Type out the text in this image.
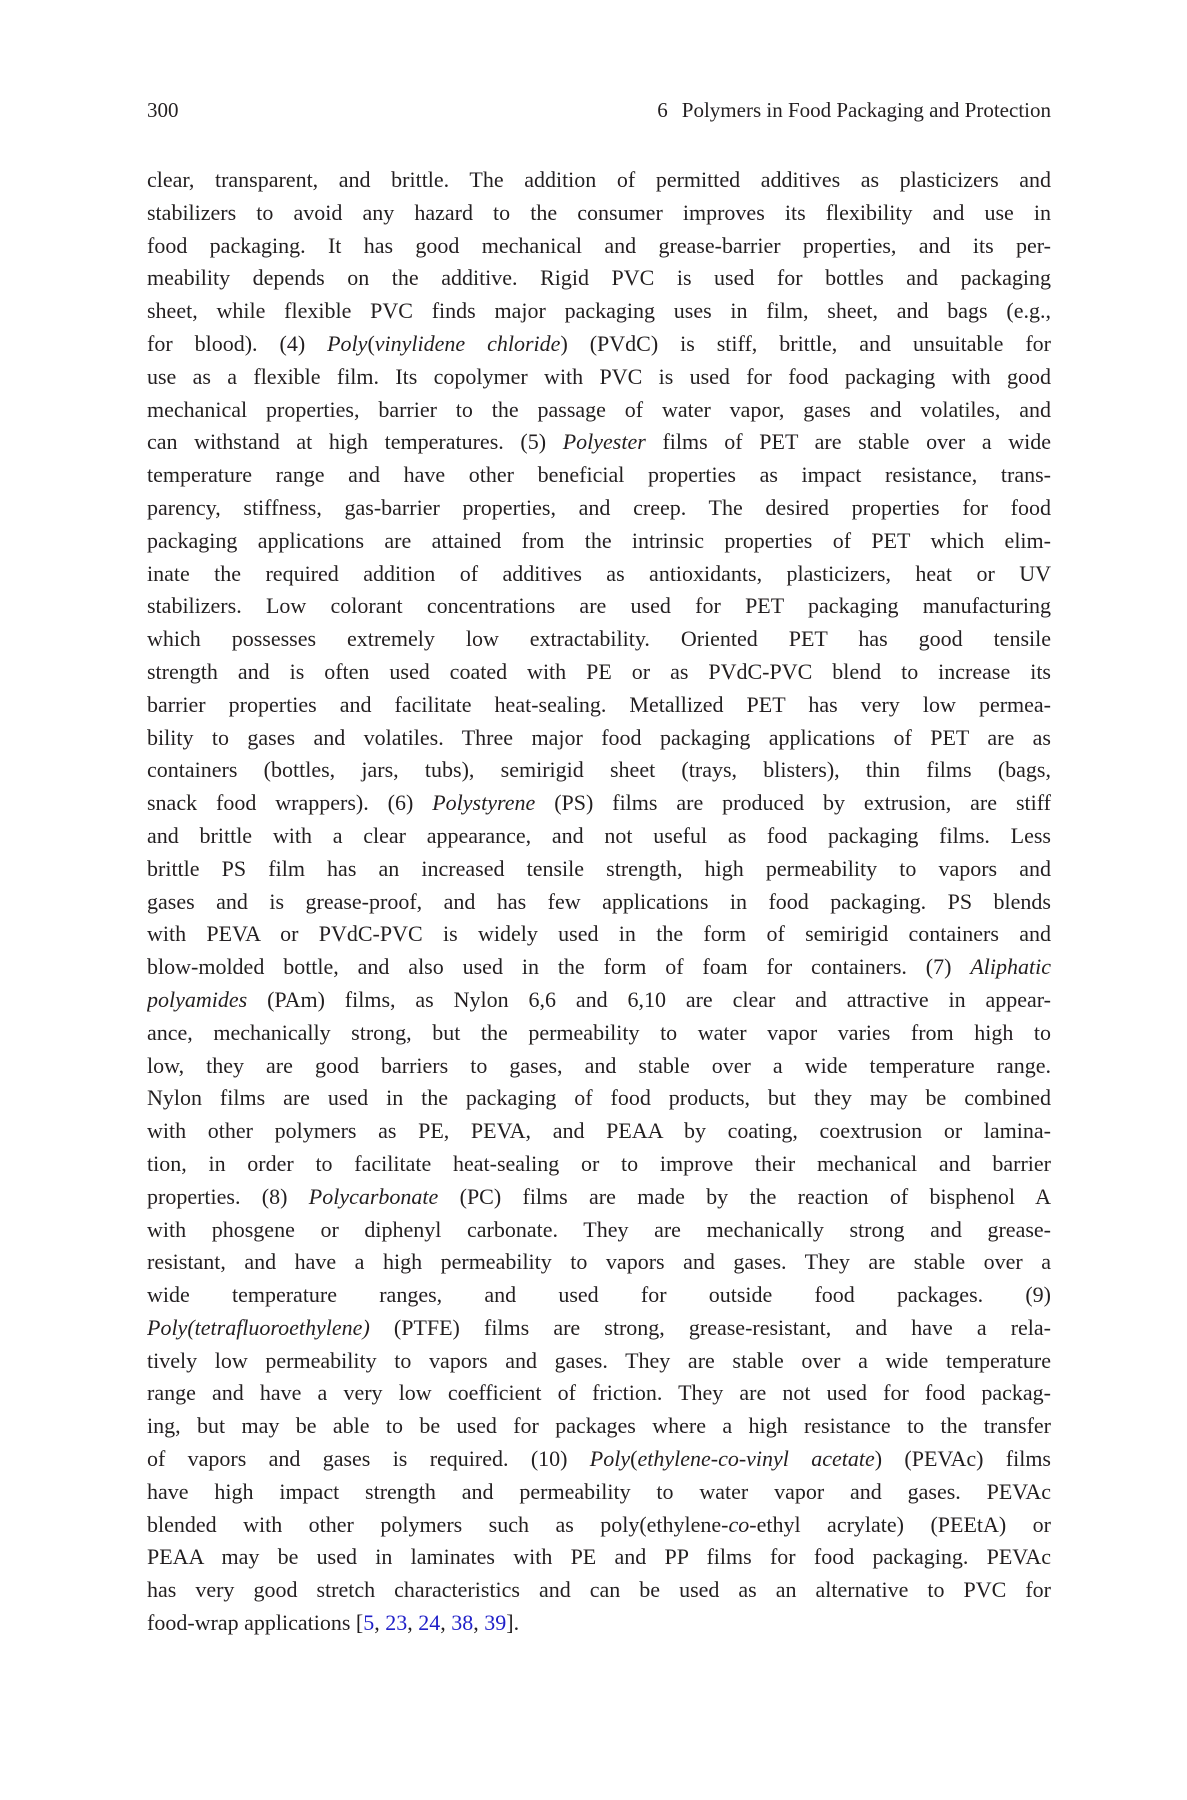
300	6 Polymers in Food Packaging and Protection
clear, transparent, and brittle. The addition of permitted additives as plasticizers and
stabilizers to avoid any hazard to the consumer improves its flexibility and use in
food packaging. It has good mechanical and grease-barrier properties, and its per-
meability depends on the additive. Rigid PVC is used for bottles and packaging
sheet, while flexible PVC finds major packaging uses in film, sheet, and bags (e.g.,
for blood). (4) Poly(vinylidene chloride) (PVdC) is stiff, brittle, and unsuitable for
use as a flexible film. Its copolymer with PVC is used for food packaging with good
mechanical properties, barrier to the passage of water vapor, gases and volatiles, and
can withstand at high temperatures. (5) Polyester films of PET are stable over a wide
temperature range and have other beneficial properties as impact resistance, trans-
parency, stiffness, gas-barrier properties, and creep. The desired properties for food
packaging applications are attained from the intrinsic properties of PET which elim-
inate the required addition of additives as antioxidants, plasticizers, heat or UV
stabilizers. Low colorant concentrations are used for PET packaging manufacturing
which possesses extremely low extractability. Oriented PET has good tensile
strength and is often used coated with PE or as PVdC-PVC blend to increase its
barrier properties and facilitate heat-sealing. Metallized PET has very low permea-
bility to gases and volatiles. Three major food packaging applications of PET are as
containers (bottles, jars, tubs), semirigid sheet (trays, blisters), thin films (bags,
snack food wrappers). (6) Polystyrene (PS) films are produced by extrusion, are stiff
and brittle with a clear appearance, and not useful as food packaging films. Less
brittle PS film has an increased tensile strength, high permeability to vapors and
gases and is grease-proof, and has few applications in food packaging. PS blends
with PEVA or PVdC-PVC is widely used in the form of semirigid containers and
blow-molded bottle, and also used in the form of foam for containers. (7) Aliphatic
polyamides (PAm) films, as Nylon 6,6 and 6,10 are clear and attractive in appear-
ance, mechanically strong, but the permeability to water vapor varies from high to
low, they are good barriers to gases, and stable over a wide temperature range.
Nylon films are used in the packaging of food products, but they may be combined
with other polymers as PE, PEVA, and PEAA by coating, coextrusion or lamina-
tion, in order to facilitate heat-sealing or to improve their mechanical and barrier
properties. (8) Polycarbonate (PC) films are made by the reaction of bisphenol A
with phosgene or diphenyl carbonate. They are mechanically strong and grease-
resistant, and have a high permeability to vapors and gases. They are stable over a
wide temperature ranges, and used for outside food packages. (9)
Poly(tetrafluoroethylene) (PTFE) films are strong, grease-resistant, and have a rela-
tively low permeability to vapors and gases. They are stable over a wide temperature
range and have a very low coefficient of friction. They are not used for food packag-
ing, but may be able to be used for packages where a high resistance to the transfer
of vapors and gases is required. (10) Poly(ethylene-co-vinyl acetate) (PEVAc) films
have high impact strength and permeability to water vapor and gases. PEVAc
blended with other polymers such as poly(ethylene-co-ethyl acrylate) (PEEtA) or
PEAA may be used in laminates with PE and PP films for food packaging. PEVAc
has very good stretch characteristics and can be used as an alternative to PVC for
food-wrap applications [5, 23, 24, 38, 39].
